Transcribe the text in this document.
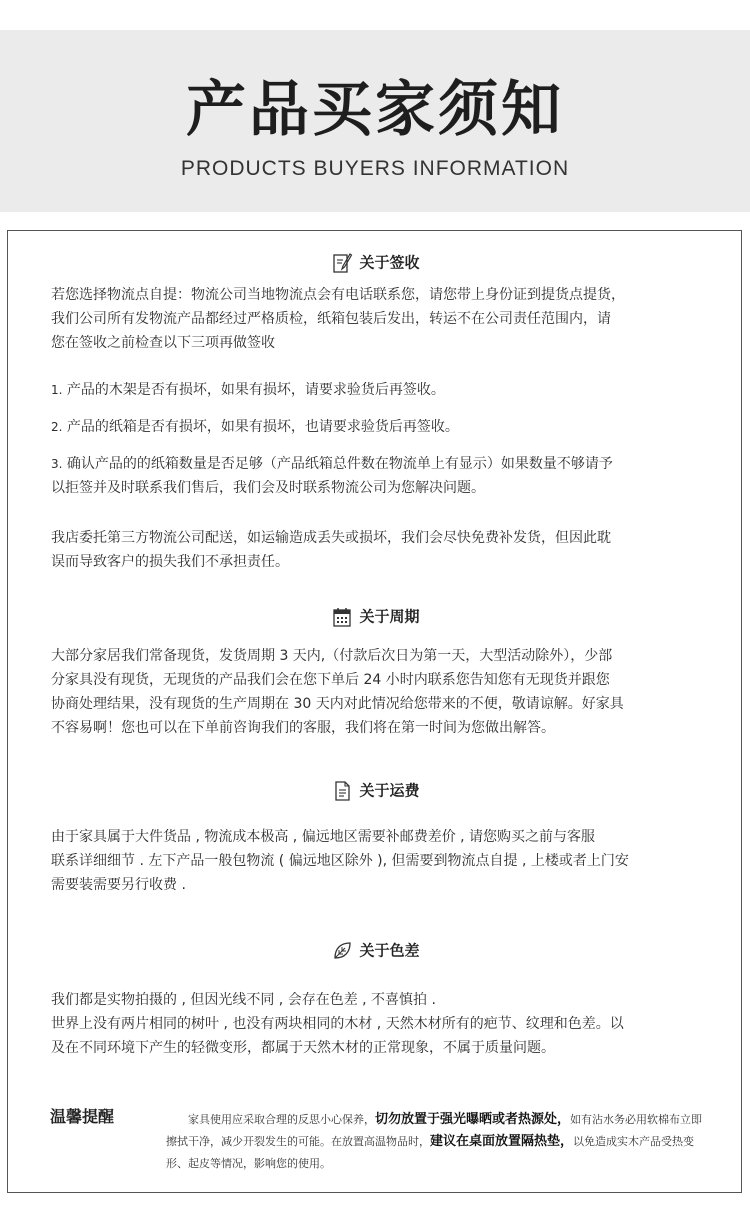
产品买家须知
PRODUCTS BUYERS INFORMATION
关于签收

若您选择物流点自提：物流公司当地物流点会有电话联系您，请您带上身份证到提货点提货，
我们公司所有发物流产品都经过严格质检，纸箱包装后发出，转运不在公司责任范围内，请
您在签收之前检查以下三项再做签收

1. 产品的木架是否有损坏，如果有损坏，请要求验货后再签收。

2. 产品的纸箱是否有损坏，如果有损坏，也请要求验货后再签收。

3. 确认产品的的纸箱数量是否足够（产品纸箱总件数在物流单上有显示）如果数量不够请予
以拒签并及时联系我们售后，我们会及时联系物流公司为您解决问题。

我店委托第三方物流公司配送，如运输造成丢失或损坏，我们会尽快免费补发货，但因此耽
误而导致客户的损失我们不承担责任。

关于周期

大部分家居我们常备现货，发货周期 3 天内,（付款后次日为第一天，大型活动除外），少部
分家具没有现货，无现货的产品我们会在您下单后 24 小时内联系您告知您有无现货并跟您
协商处理结果，没有现货的生产周期在 30 天内对此情况给您带来的不便，敬请谅解。好家具
不容易啊！您也可以在下单前咨询我们的客服，我们将在第一时间为您做出解答。

关于运费

由于家具属于大件货品 , 物流成本极高 , 偏远地区需要补邮费差价 , 请您购买之前与客服
联系详细细节 . 左下产品一般包物流 ( 偏远地区除外 ), 但需要到物流点自提 , 上楼或者上门安
需要装需要另行收费 .

关于色差

我们都是实物拍摄的 , 但因光线不同 , 会存在色差 , 不喜慎拍 .
世界上没有两片相同的树叶 , 也没有两块相同的木材 , 天然木材所有的疤节、纹理和色差。以
及在不同环境下产生的轻微变形，都属于天然木材的正常现象，不属于质量问题。

温馨提醒	家具使用应采取合理的反思小心保养，切勿放置于强光曝晒或者热源处，如有沾水务必用软棉布立即擦拭干净，减少开裂发生的可能。在放置高温物品时，建议在桌面放置隔热垫，以免造成实木产品受热变形、起皮等情况，影响您的使用。
